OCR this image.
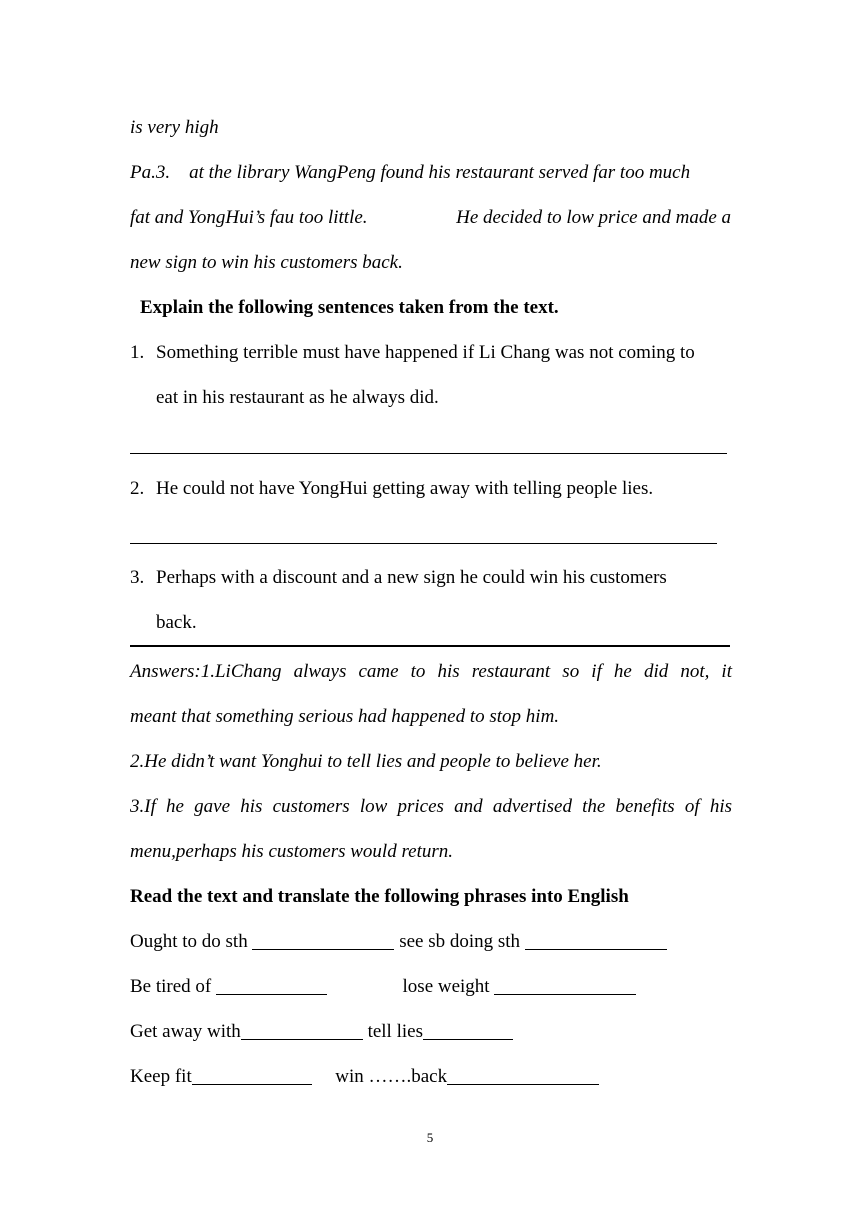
is very high
Pa.3.    at the library WangPeng found his restaurant served far too much
fat and YongHui’s fau too little.	He decided to low price and made a
new sign to win his customers back.
Explain the following sentences taken from the text.
1. Something terrible must have happened if Li Chang was not coming to
eat in his restaurant as he always did.
2. He could not have YongHui getting away with telling people lies.
3. Perhaps with a discount and a new sign he could win his customers
back.
Answers:1.LiChang always came to his restaurant so if he did not, it
meant that something serious had happened to stop him.
2.He didn’t want Yonghui to tell lies and people to believe her.
3.If he gave his customers low prices and advertised the benefits of his
menu,perhaps his customers would return.
Read the text and translate the following phrases into English
Ought to do sth	see sb doing sth
Be tired of	lose weight
Get away with	tell lies
Keep fit	win …….back
5
